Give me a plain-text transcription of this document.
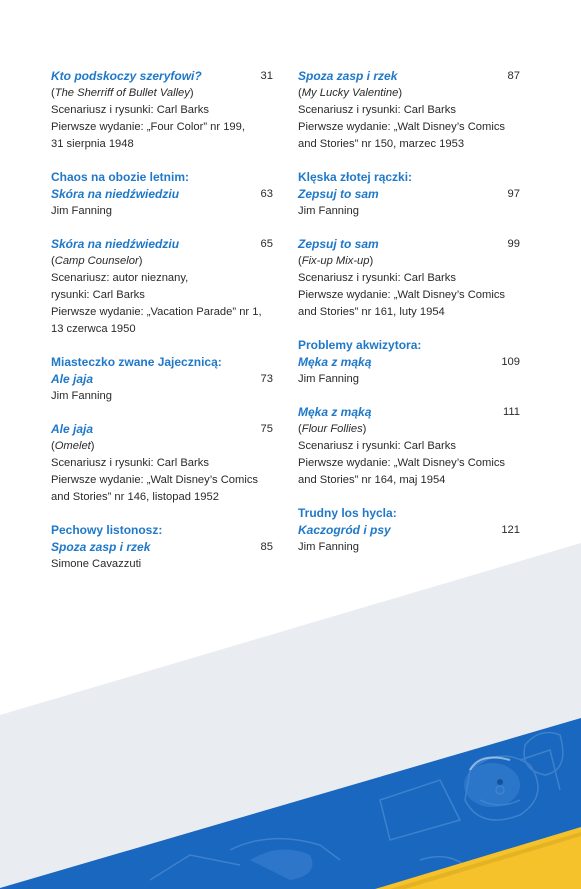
Kto podskoczy szeryfowi?	31
(The Sherriff of Bullet Valley)
Scenariusz i rysunki: Carl Barks
Pierwsze wydanie: „Four Color” nr 199,
31 sierpnia 1948
Chaos na obozie letnim:
Skóra na niedźwiedziu	63
Jim Fanning
Skóra na niedźwiedziu	65
(Camp Counselor)
Scenariusz: autor nieznany,
rysunki: Carl Barks
Pierwsze wydanie: „Vacation Parade” nr 1,
13 czerwca 1950
Miasteczko zwane Jajecznicą:
Ale jaja	73
Jim Fanning
Ale jaja	75
(Omelet)
Scenariusz i rysunki: Carl Barks
Pierwsze wydanie: „Walt Disney’s Comics
and Stories” nr 146, listopad 1952
Pechowy listonosz:
Spoza zasp i rzek	85
Simone Cavazzuti
Spoza zasp i rzek	87
(My Lucky Valentine)
Scenariusz i rysunki: Carl Barks
Pierwsze wydanie: „Walt Disney’s Comics
and Stories” nr 150, marzec 1953
Klęska złotej rączki:
Zepsuj to sam	97
Jim Fanning
Zepsuj to sam	99
(Fix-up Mix-up)
Scenariusz i rysunki: Carl Barks
Pierwsze wydanie: „Walt Disney’s Comics
and Stories” nr 161, luty 1954
Problemy akwizytora:
Męka z mąką	109
Jim Fanning
Męka z mąką	111
(Flour Follies)
Scenariusz i rysunki: Carl Barks
Pierwsze wydanie: „Walt Disney’s Comics
and Stories” nr 164, maj 1954
Trudny los hycla:
Kaczogród i psy	121
Jim Fanning
